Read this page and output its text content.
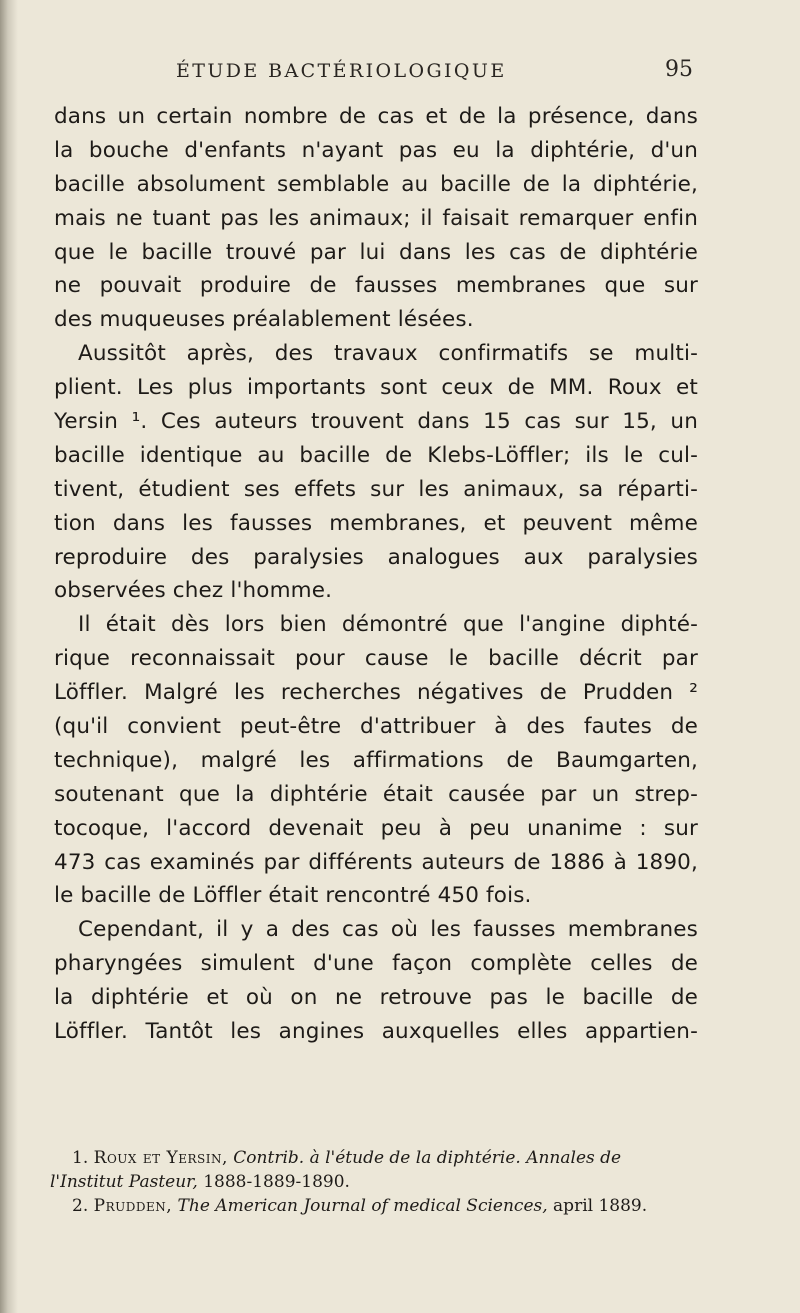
ÉTUDE BACTÉRIOLOGIQUE	95
dans un certain nombre de cas et de la présence, dans
la bouche d'enfants n'ayant pas eu la diphtérie, d'un
bacille absolument semblable au bacille de la diphtérie,
mais ne tuant pas les animaux; il faisait remarquer enfin
que le bacille trouvé par lui dans les cas de diphtérie
ne pouvait produire de fausses membranes que sur
des muqueuses préalablement lésées.
Aussitôt après, des travaux confirmatifs se multi-
plient. Les plus importants sont ceux de MM. Roux et
Yersin ¹. Ces auteurs trouvent dans 15 cas sur 15, un
bacille identique au bacille de Klebs-Löffler; ils le cul-
tivent, étudient ses effets sur les animaux, sa réparti-
tion dans les fausses membranes, et peuvent même
reproduire des paralysies analogues aux paralysies
observées chez l'homme.
Il était dès lors bien démontré que l'angine diphté-
rique reconnaissait pour cause le bacille décrit par
Löffler. Malgré les recherches négatives de Prudden ²
(qu'il convient peut-être d'attribuer à des fautes de
technique), malgré les affirmations de Baumgarten,
soutenant que la diphtérie était causée par un strep-
tocoque, l'accord devenait peu à peu unanime : sur
473 cas examinés par différents auteurs de 1886 à 1890,
le bacille de Löffler était rencontré 450 fois.
Cependant, il y a des cas où les fausses membranes
pharyngées simulent d'une façon complète celles de
la diphtérie et où on ne retrouve pas le bacille de
Löffler. Tantôt les angines auxquelles elles appartien-
1. Roux et Yersin, Contrib. à l'étude de la diphtérie. Annales de
l'Institut Pasteur, 1888-1889-1890.
2. Prudden, The American Journal of medical Sciences, april 1889.
